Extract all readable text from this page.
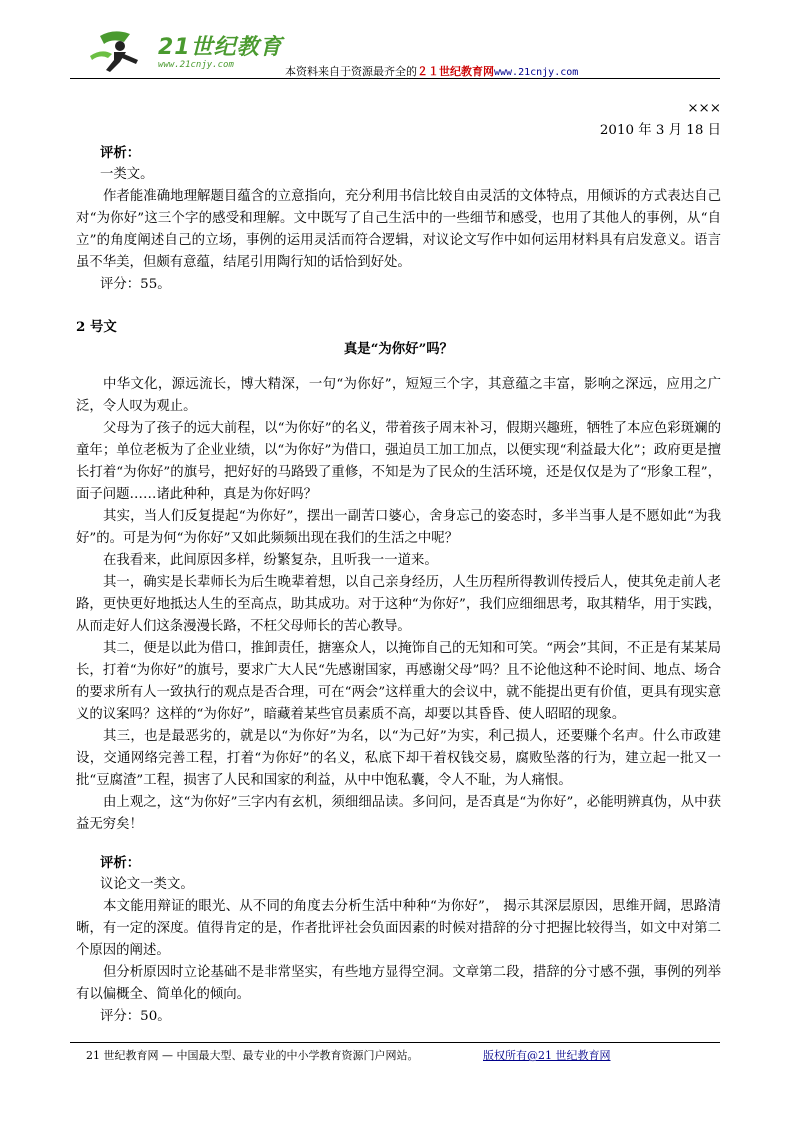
21世纪教育
www.21cnjy.com	本资料来自于资源最齐全的２１世纪教育网www.21cnjy.com

×××

2010 年 3 月 18 日

评析：

一类文。

作者能准确地理解题目蕴含的立意指向，充分利用书信比较自由灵活的文体特点，用倾诉的方式表达自己对“为你好”这三个字的感受和理解。文中既写了自己生活中的一些细节和感受，也用了其他人的事例，从“自立”的角度阐述自己的立场，事例的运用灵活而符合逻辑，对议论文写作中如何运用材料具有启发意义。语言虽不华美，但颇有意蕴，结尾引用陶行知的话恰到好处。

评分：55。

2 号文

真是“为你好”吗？

中华文化，源远流长，博大精深，一句“为你好”，短短三个字，其意蕴之丰富，影响之深远，应用之广泛，令人叹为观止。

父母为了孩子的远大前程，以“为你好”的名义，带着孩子周末补习，假期兴趣班，牺牲了本应色彩斑斓的童年；单位老板为了企业业绩，以“为你好”为借口，强迫员工加工加点，以便实现“利益最大化”；政府更是擅长打着“为你好”的旗号，把好好的马路毁了重修，不知是为了民众的生活环境，还是仅仅是为了“形象工程”，面子问题……诸此种种，真是为你好吗？

其实，当人们反复提起“为你好”，摆出一副苦口婆心，舍身忘己的姿态时，多半当事人是不愿如此“为我好”的。可是为何“为你好”又如此频频出现在我们的生活之中呢？

在我看来，此间原因多样，纷繁复杂，且听我一一道来。

其一，确实是长辈师长为后生晚辈着想，以自己亲身经历，人生历程所得教训传授后人，使其免走前人老路，更快更好地抵达人生的至高点，助其成功。对于这种“为你好”，我们应细细思考，取其精华，用于实践，从而走好人们这条漫漫长路，不枉父母师长的苦心教导。

其二，便是以此为借口，推卸责任，搪塞众人，以掩饰自己的无知和可笑。“两会”其间，不正是有某某局长，打着“为你好”的旗号，要求广大人民“先感谢国家，再感谢父母”吗？且不论他这种不论时间、地点、场合的要求所有人一致执行的观点是否合理，可在“两会”这样重大的会议中，就不能提出更有价值，更具有现实意义的议案吗？这样的“为你好”，暗藏着某些官员素质不高，却要以其昏昏、使人昭昭的现象。

其三，也是最恶劣的，就是以“为你好”为名，以“为己好”为实，利己损人，还要赚个名声。什么市政建设，交通网络完善工程，打着“为你好”的名义，私底下却干着权钱交易，腐败坠落的行为，建立起一批又一批“豆腐渣”工程，损害了人民和国家的利益，从中中饱私囊，令人不耻，为人痛恨。

由上观之，这“为你好”三字内有玄机，须细细品读。多问问，是否真是“为你好”，必能明辨真伪，从中获益无穷矣！

评析：

议论文一类文。

本文能用辩证的眼光、从不同的角度去分析生活中种种“为你好”， 揭示其深层原因，思维开阔，思路清晰，有一定的深度。值得肯定的是，作者批评社会负面因素的时候对措辞的分寸把握比较得当，如文中对第二个原因的阐述。

但分析原因时立论基础不是非常坚实，有些地方显得空洞。文章第二段，措辞的分寸感不强，事例的列举有以偏概全、简单化的倾向。

评分：50。

21 世纪教育网 — 中国最大型、最专业的中小学教育资源门户网站。	版权所有@21 世纪教育网
